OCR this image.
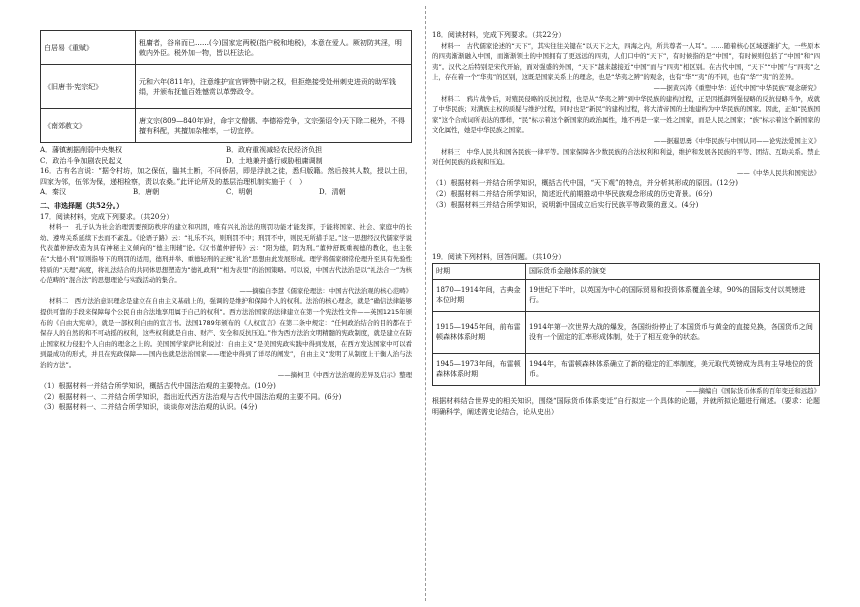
白居易《重赋》	租庸者，谷帛而已……(今)国家定两税(指户税和地税)，本意在爱人。厥初防其淫，明敕内外臣。税外加一物，皆以枉法论。
《旧唐书·宪宗纪》	元和六年(811年)，注意维护宣官钾赞中尉之权，但拒绝接受处州刺史进贡的助军钱绢，并颁布抚恤百姓憾赏以革弊政令。
《南郊赦文》	唐文宗(809—840年)时，命宇文僧儒、李德裕党争，文宗强诏令)天下除二税外，不得擅有科配，其擅加杂榷率，一切宜停。
A．藩镇割据削弱中央集权	B．政府重视减轻农民经济负担
C．政治斗争加剧农民起义	D．土地兼并盛行威胁租庸调制

16．古有名言说：“据令村坊，加之保伍，臨其土断，不问侨居，即是浮浪之徒，悉归版籍。然后按其人数，授以土田，四家为邻，伍邻为保，递相检察，责以农桑。”此评论所及的基层治理机制实施于（　）

A．秦汉	B．唐朝	C．明朝	D．清朝

二、非选择题（共52分。）

17．阅读材料，完成下列要求。（共20分）

材料一　孔子认为社会治理需要预防秩序的建立和巩固，唯有兴礼治法的刑罚功能才能发挥，于能将国家、社会、家庭中的长幼、遵卑关系延续下去而不紊乱。《论语子路》云：“礼乐不兴，则刑罚不中；刑罚不中，则民无所措手足。”这一思想经汉代儒家学说代表董仲舒改造为具有神秘主义倾向的“德主刑辅”论。《汉书董仲舒传》云：“阳为德，阴为刑。”董仲舒既重视德的教化，也主张在“大德小刑”原则指导下的刑罚的适用，德刑并举、重德轻刑的正统“礼治”思想由此发展形成。理学将儒家纲常伦理升至具有先验性特质的“天理”高度，将礼法结合的共同体思想塑造为“德礼政刑”“相为表里”的治国策略。可以说，中国古代法治是以“礼法合一”为核心范畴的“混合法”的思想理论与实践活动的集合。

——摘编自李慧《儒家伦理法：中国古代法治观的核心范畴》

材料二　西方法治意识理念是建立在自由主义基础上的，强调的是维护和保障个人的权利。法治的核心理念，就是“确信法律能够提供可靠的手段来保障每个公民自由合法地享用属于自己的权利”。西方法治国家的法律建立在第一个宪法性文件——英国1215年颁布的《自由大宪章》，就是一部权利自由的宣言书。法国1789年颁布的《人权宣言》在第二条中规定：“任何政治结合的目的都在于保存人的自然的和不可动摇的权利，这些权利就是自由、财产、安全和反抗压迫。”作为西方法治文明精髓的宪政制度，就是建立在防止国家权力侵犯个人自由的理念之上的。美国国学家萨比利说过：自由主义“是美国宪政实践中得到发展，在西方发达国家中可以看到最成功的形式，并且在宪政保障——国内也就是法治国家——理论中得到了详尽的阐发”，自由主义“发明了从制度上干衡人治与法治的方法”。

——摘柯卫《中西方法治观的差异及启示》整理

（1）根据材料一并结合所学知识，概括古代中国法治观的主要特点。(10分)

（2）根据材料一、二并结合所学知识，指出近代西方法治观与古代中国法治观的主要不同。(6分)

（3）根据材料一、二并结合所学知识，谈谈你对法治观的认识。(4分)

18．阅读材料，完成下列要求。（共22分）

材料一　古代儒家论述的“天下”，其实往往关键在“以天下之大，四海之内，所共尊者一人耳”。……随着核心区域逐渐扩大，一些原本的四夷渐渐融入中国，而渐渐领土的中国拥有了更远远的四夷，人们口中的“天下”，有时候指的是“中国”，有时候则包括了“中国”和“四夷”。汉代之后特别是宋代开始，面对强盛的外国，“天下”越来越接近“中国”而与“四夷”相区别。在古代中国，“天下”“中国”与“四夷”之上，存在着一个“华夷”的区别，这既是国家关系上的理念，也是“华夷之辨”的观念，也有“华”“夷”的不同，也有“华”“夷”的差异。

——据黄兴涛《重塑中华：近代中国“中华民族”观念研究》

材料二　鸦片战争后，对殖民侵略的反抗过程，也是从“华夷之辨”到中华民族的建构过程，正是因抵御列强侵略的反抗侵略斗争，成就了中华民族；对满族主权的质疑与维护过程，同时也是“新民”的建构过程，将大清帝国的土地建构为中华民族的国家。因此，正如“民族国家”这个合成词所表达的那样，“民”标示着这个新国家的政治属性，地不再是一家一姓之国家，而是人民之国家；“族”标示着这个新国家的文化属性，她是中华民族之国家。

——据暹思勇《中华民族与中国认同——论宪法爱国主义》

材料三　中华人民共和国各民族一律平等。国家保障各少数民族的合法权利和利益，维护和发展各民族的平等、团结、互助关系。禁止对任何民族的歧视和压迫。

——《中华人民共和国宪法》

（1）根据材料一并结合所学知识，概括古代中国，“天下观”的特点，并分析其形成的原因。(12分)

（2）根据材料二并结合所学知识，简述近代前期推动中华民族观念形成的历史背景。(6分)

（3）根据材料三并结合所学知识，说明新中国成立后实行民族平等政策的意义。(4分)

19．阅读下列材料，回答问题。（共10分）

时期	国际货币金融体系的演变
1870—1914年间，古典金本位时期	19世纪下半叶，以英国为中心的国际贸易和投资体系覆盖全球，90%的国际支付以英镑进行。
1915—1945年间，前布雷顿森林体系时期	1914年第一次世界大战的爆发，各国纷纷停止了本国货币与黄金的直接兑换，各国货币之间没有一个固定的汇率形成体制，处于了相互竞争的状态。
1945—1973年间，布雷顿森林体系时期	1944年，布雷顿森林体系确立了新的稳定的汇率制度，美元取代英镑成为具有主导地位的货币。

——摘编自《国际货币体系的百年变迁和远趋》

根据材料结合世界史的相关知识，围绕“国际货币体系变迁”自行拟定一个具体的论题，并就所拟论题进行阐述。（要求：论题明确科学，阐述需史论结合，论从史出）
